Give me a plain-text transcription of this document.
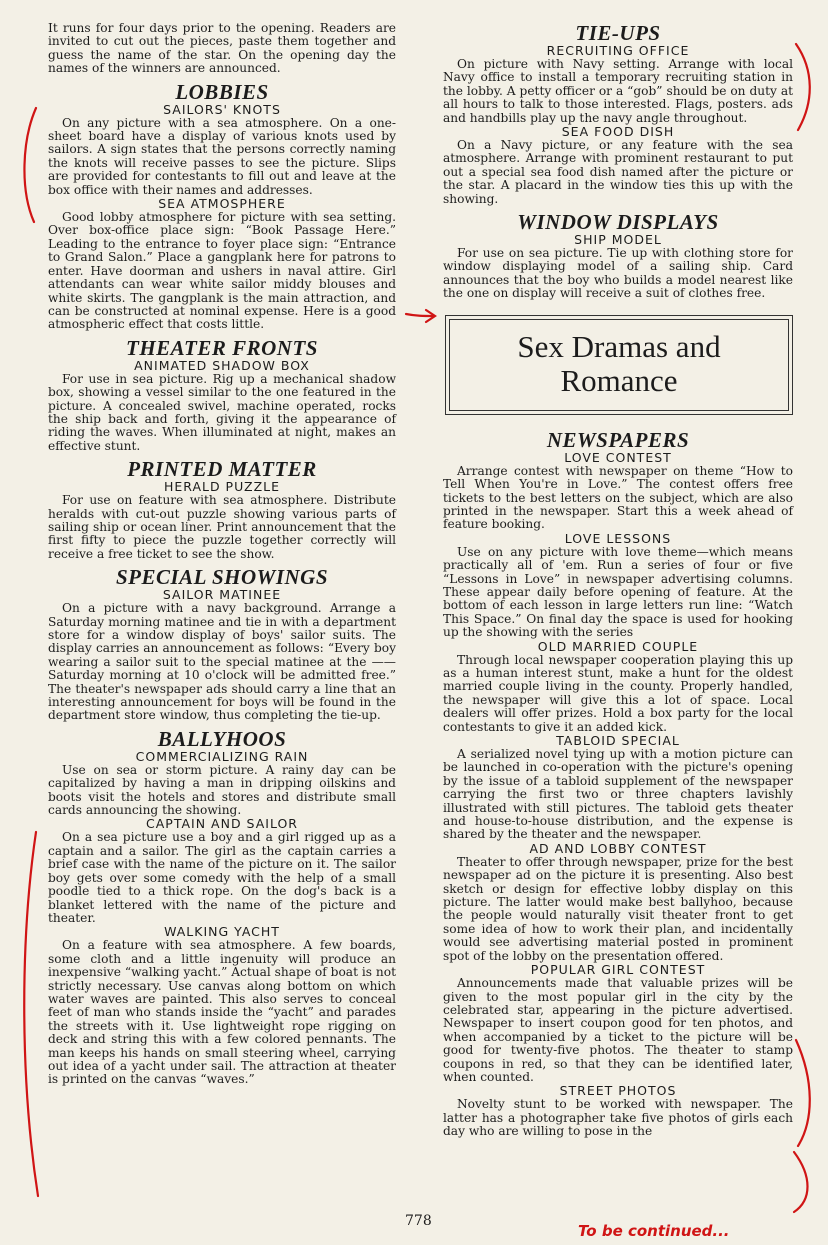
It runs for four days prior to the opening. Readers are invited to cut out the pieces, paste them together and guess the name of the star. On the opening day the names of the winners are announced.

LOBBIES
SAILORS' KNOTS

On any picture with a sea atmosphere. On a one-sheet board have a display of various knots used by sailors. A sign states that the persons correctly naming the knots will receive passes to see the picture. Slips are provided for contestants to fill out and leave at the box office with their names and addresses.

SEA ATMOSPHERE

Good lobby atmosphere for picture with sea setting. Over box-office place sign: “Book Passage Here.” Leading to the entrance to foyer place sign: “Entrance to Grand Salon.” Place a gangplank here for patrons to enter. Have doorman and ushers in naval attire. Girl attendants can wear white sailor middy blouses and white skirts. The gangplank is the main attraction, and can be constructed at nominal expense. Here is a good atmospheric effect that costs little.

THEATER FRONTS
ANIMATED SHADOW BOX

For use in sea picture. Rig up a mechanical shadow box, showing a vessel similar to the one featured in the picture. A concealed swivel, machine operated, rocks the ship back and forth, giving it the appearance of riding the waves. When illuminated at night, makes an effective stunt.

PRINTED MATTER
HERALD PUZZLE

For use on feature with sea atmosphere. Distribute heralds with cut-out puzzle showing various parts of sailing ship or ocean liner. Print announcement that the first fifty to piece the puzzle together correctly will receive a free ticket to see the show.

SPECIAL SHOWINGS
SAILOR MATINEE

On a picture with a navy background. Arrange a Saturday morning matinee and tie in with a department store for a window display of boys' sailor suits. The display carries an announcement as follows: “Every boy wearing a sailor suit to the special matinee at the —— Saturday morning at 10 o'clock will be admitted free.” The theater's newspaper ads should carry a line that an interesting announcement for boys will be found in the department store window, thus completing the tie-up.

BALLYHOOS
COMMERCIALIZING RAIN

Use on sea or storm picture. A rainy day can be capitalized by having a man in dripping oilskins and boots visit the hotels and stores and distribute small cards announcing the showing.

CAPTAIN AND SAILOR

On a sea picture use a boy and a girl rigged up as a captain and a sailor. The girl as the captain carries a brief case with the name of the picture on it. The sailor boy gets over some comedy with the help of a small poodle tied to a thick rope. On the dog's back is a blanket lettered with the name of the picture and theater.

WALKING YACHT

On a feature with sea atmosphere. A few boards, some cloth and a little ingenuity will produce an inexpensive “walking yacht.” Actual shape of boat is not strictly necessary. Use canvas along bottom on which water waves are painted. This also serves to conceal feet of man who stands inside the “yacht” and parades the streets with it. Use lightweight rope rigging on deck and string this with a few colored pennants. The man keeps his hands on small steering wheel, carrying out idea of a yacht under sail. The attraction at theater is printed on the canvas “waves.”

TIE-UPS
RECRUITING OFFICE

On picture with Navy setting. Arrange with local Navy office to install a temporary recruiting station in the lobby. A petty officer or a “gob” should be on duty at all hours to talk to those interested. Flags, posters. ads and handbills play up the navy angle throughout.

SEA FOOD DISH

On a Navy picture, or any feature with the sea atmosphere. Arrange with prominent restaurant to put out a special sea food dish named after the picture or the star. A placard in the window ties this up with the showing.

WINDOW DISPLAYS
SHIP MODEL

For use on sea picture. Tie up with clothing store for window displaying model of a sailing ship. Card announces that the boy who builds a model nearest like the one on display will receive a suit of clothes free.

Sex Dramas and Romance
NEWSPAPERS
LOVE CONTEST

Arrange contest with newspaper on theme “How to Tell When You're in Love.” The contest offers free tickets to the best letters on the subject, which are also printed in the newspaper. Start this a week ahead of feature booking.

LOVE LESSONS

Use on any picture with love theme—which means practically all of 'em. Run a series of four or five “Lessons in Love” in newspaper advertising columns. These appear daily before opening of feature. At the bottom of each lesson in large letters run line: “Watch This Space.” On final day the space is used for hooking up the showing with the series

OLD MARRIED COUPLE

Through local newspaper cooperation playing this up as a human interest stunt, make a hunt for the oldest married couple living in the county. Properly handled, the newspaper will give this a lot of space. Local dealers will offer prizes. Hold a box party for the local contestants to give it an added kick.

TABLOID SPECIAL

A serialized novel tying up with a motion picture can be launched in co-operation with the picture's opening by the issue of a tabloid supplement of the newspaper carrying the first two or three chapters lavishly illustrated with still pictures. The tabloid gets theater and house-to-house distribution, and the expense is shared by the theater and the newspaper.

AD AND LOBBY CONTEST

Theater to offer through newspaper, prize for the best newspaper ad on the picture it is presenting. Also best sketch or design for effective lobby display on this picture. The latter would make best ballyhoo, because the people would naturally visit theater front to get some idea of how to work their plan, and incidentally would see advertising material posted in prominent spot of the lobby on the presentation offered.

POPULAR GIRL CONTEST

Announcements made that valuable prizes will be given to the most popular girl in the city by the celebrated star, appearing in the picture advertised. Newspaper to insert coupon good for ten photos, and when accompanied by a ticket to the picture will be good for twenty-five photos. The theater to stamp coupons in red, so that they can be identified later, when counted.

STREET PHOTOS

Novelty stunt to be worked with newspaper. The latter has a photographer take five photos of girls each day who are willing to pose in the

778
To be continued...
